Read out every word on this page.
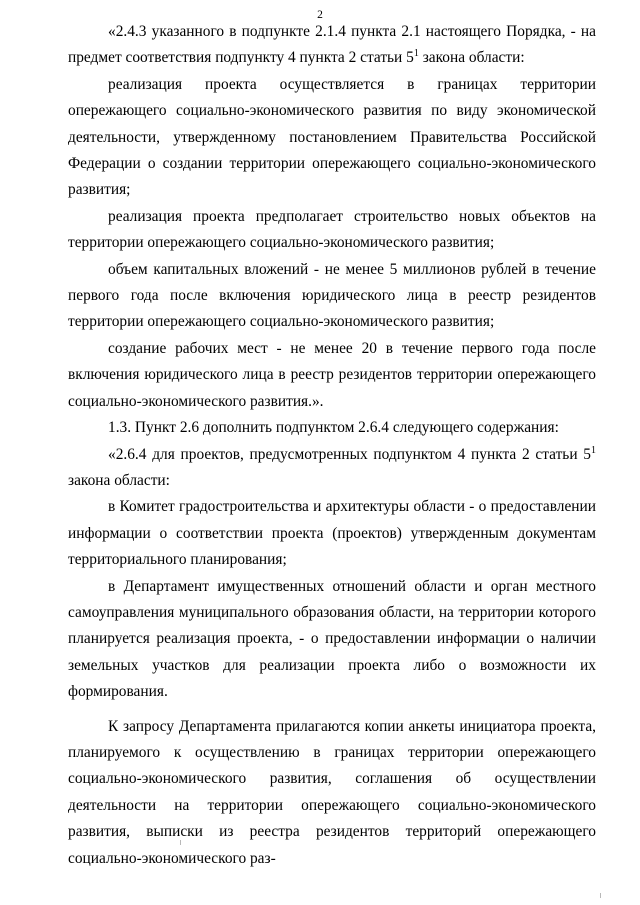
2

«2.4.3 указанного в подпункте 2.1.4 пункта 2.1 настоящего Порядка, - на предмет соответствия подпункту 4 пункта 2 статьи $5^1$ закона области:

реализация проекта осуществляется в границах территории опережающего социально-экономического развития по виду экономической деятельности, утвержденному постановлением Правительства Российской Федерации о создании территории опережающего социально-экономического развития;

реализация проекта предполагает строительство новых объектов на территории опережающего социально-экономического развития;

объем капитальных вложений - не менее 5 миллионов рублей в течение первого года после включения юридического лица в реестр резидентов территории опережающего социально-экономического развития;

создание рабочих мест - не менее 20 в течение первого года после включения юридического лица в реестр резидентов территории опережающего социально-экономического развития.».

1.3. Пункт 2.6 дополнить подпунктом 2.6.4 следующего содержания:

«2.6.4 для проектов, предусмотренных подпунктом 4 пункта 2 статьи $5^1$ закона области:

в Комитет градостроительства и архитектуры области - о предоставлении информации о соответствии проекта (проектов) утвержденным документам территориального планирования;

в Департамент имущественных отношений области и орган местного самоуправления муниципального образования области, на территории которого планируется реализация проекта, - о предоставлении информации о наличии земельных участков для реализации проекта либо о возможности их формирования.

К запросу Департамента прилагаются копии анкеты инициатора проекта, планируемого к осуществлению в границах территории опережающего социально-экономического развития, соглашения об осуществлении деятельности на территории опережающего социально-экономического развития, выписки из реестра резидентов территорий опережающего социально-экономического раз-
